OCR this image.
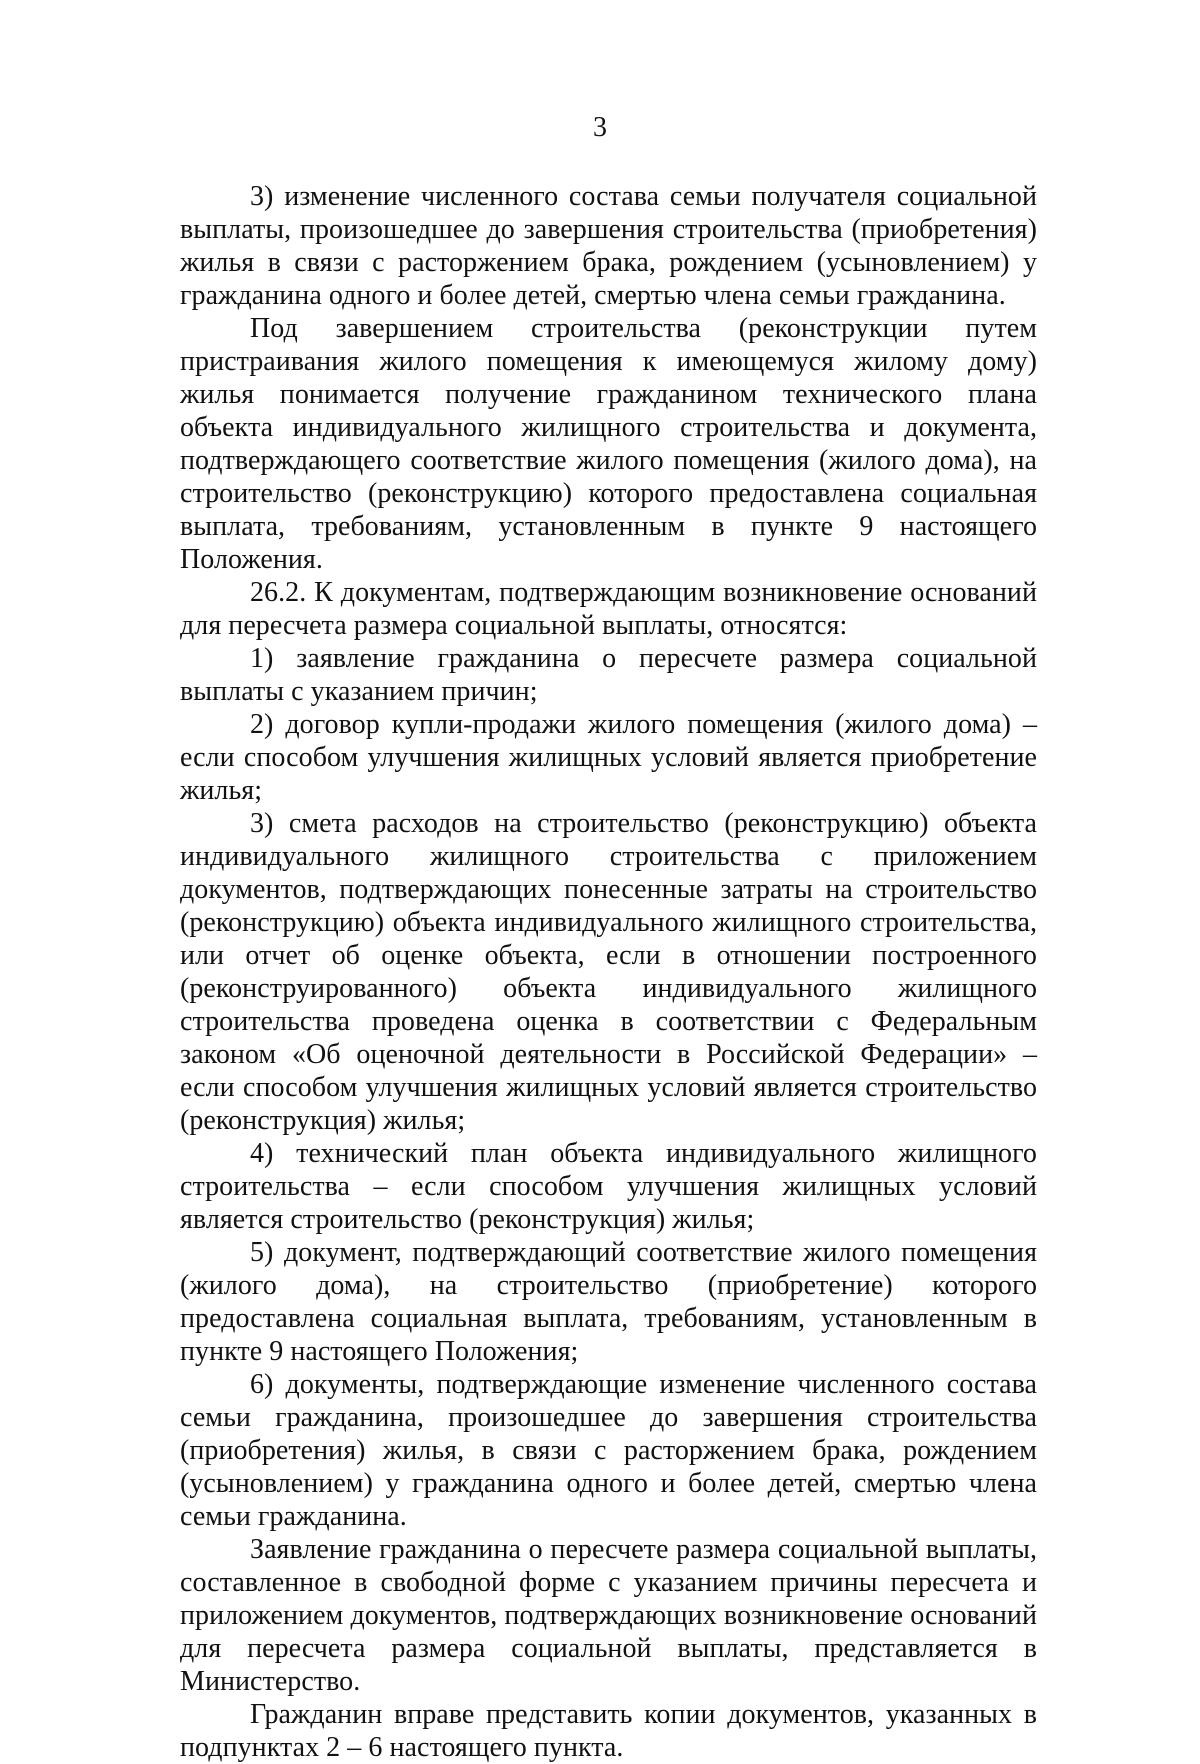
3

3) изменение численного состава семьи получателя социальной выплаты, произошедшее до завершения строительства (приобретения) жилья в связи с расторжением брака, рождением (усыновлением) у гражданина одного и более детей, смертью члена семьи гражданина.

Под завершением строительства (реконструкции путем пристраивания жилого помещения к имеющемуся жилому дому) жилья понимается получение гражданином технического плана объекта индивидуального жилищного строительства и документа, подтверждающего соответствие жилого помещения (жилого дома), на строительство (реконструкцию) которого предоставлена социальная выплата, требованиям, установленным в пункте 9 настоящего Положения.

26.2. К документам, подтверждающим возникновение оснований для пересчета размера социальной выплаты, относятся:

1) заявление гражданина о пересчете размера социальной выплаты с указанием причин;

2) договор купли-продажи жилого помещения (жилого дома) – если способом улучшения жилищных условий является приобретение жилья;

3) смета расходов на строительство (реконструкцию) объекта индивидуального жилищного строительства с приложением документов, подтверждающих понесенные затраты на строительство (реконструкцию) объекта индивидуального жилищного строительства, или отчет об оценке объекта, если в отношении построенного (реконструированного) объекта индивидуального жилищного строительства проведена оценка в соответствии с Федеральным законом «Об оценочной деятельности в Российской Федерации» – если способом улучшения жилищных условий является строительство (реконструкция) жилья;

4) технический план объекта индивидуального жилищного строительства – если способом улучшения жилищных условий является строительство (реконструкция) жилья;

5) документ, подтверждающий соответствие жилого помещения (жилого дома), на строительство (приобретение) которого предоставлена социальная выплата, требованиям, установленным в пункте 9 настоящего Положения;

6) документы, подтверждающие изменение численного состава семьи гражданина, произошедшее до завершения строительства (приобретения) жилья, в связи с расторжением брака, рождением (усыновлением) у гражданина одного и более детей, смертью члена семьи гражданина.

Заявление гражданина о пересчете размера социальной выплаты, составленное в свободной форме с указанием причины пересчета и приложением документов, подтверждающих возникновение оснований для пересчета размера социальной выплаты, представляется в Министерство.

Гражданин вправе представить копии документов, указанных в подпунктах 2 – 6 настоящего пункта.
